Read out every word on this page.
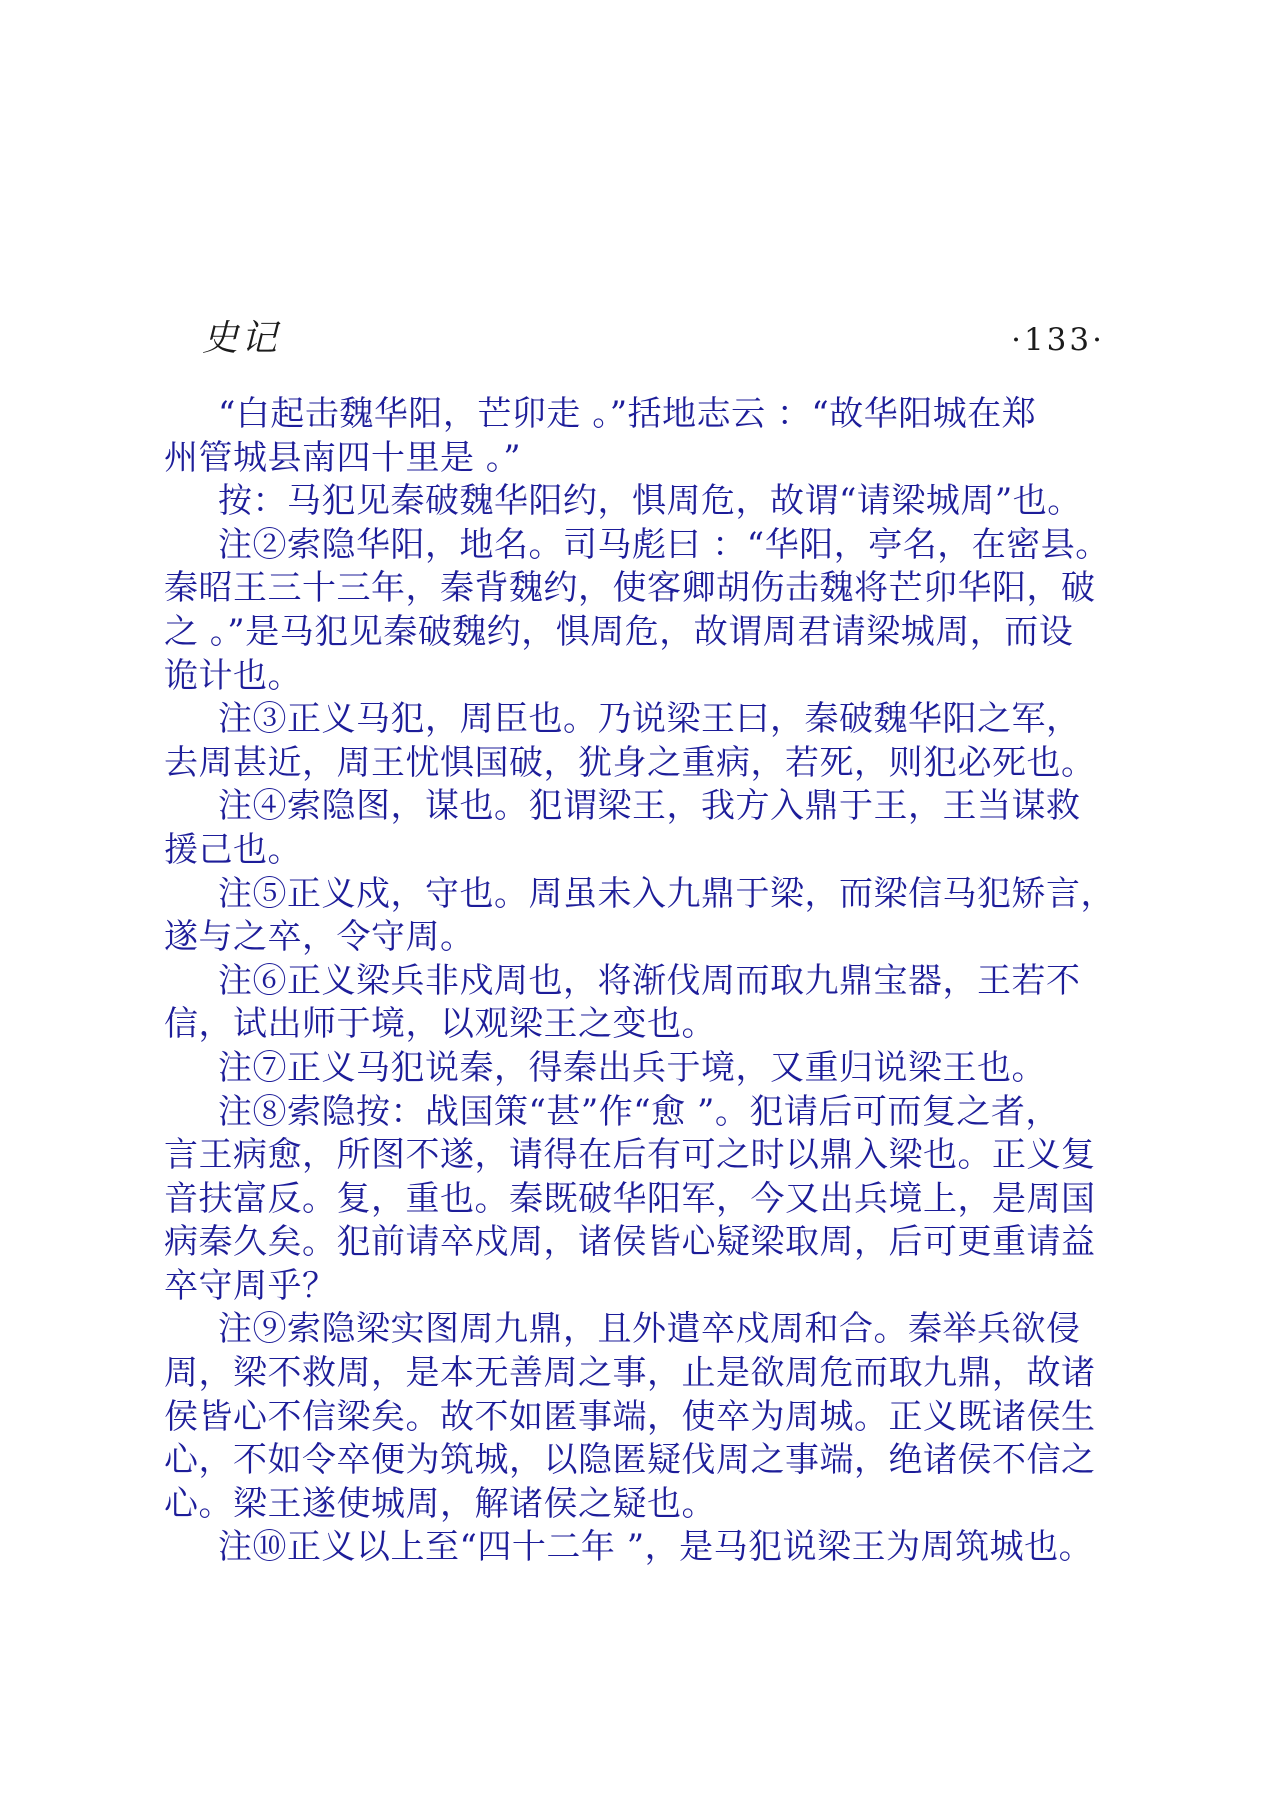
史记	·133·
“白起击魏华阳，芒卯走 。”括地志云 ：“故华阳城在郑
州管城县南四十里是 。”
按：马犯见秦破魏华阳约，惧周危，故谓“请梁城周”也。
注②索隐华阳，地名。司马彪曰 ：“华阳，亭名，在密县。
秦昭王三十三年，秦背魏约，使客卿胡伤击魏将芒卯华阳，破
之 。”是马犯见秦破魏约，惧周危，故谓周君请梁城周，而设
诡计也。
注③正义马犯，周臣也。乃说梁王曰，秦破魏华阳之军，
去周甚近，周王忧惧国破，犹身之重病，若死，则犯必死也。
注④索隐图，谋也。犯谓梁王，我方入鼎于王，王当谋救
援己也。
注⑤正义戍，守也。周虽未入九鼎于梁，而梁信马犯矫言，
遂与之卒，令守周。
注⑥正义梁兵非戍周也，将渐伐周而取九鼎宝器，王若不
信，试出师于境，以观梁王之变也。
注⑦正义马犯说秦，得秦出兵于境，又重归说梁王也。
注⑧索隐按：战国策“甚”作“愈 ”。犯请后可而复之者，
言王病愈，所图不遂，请得在后有可之时以鼎入梁也。正义复
音扶富反。复，重也。秦既破华阳军，今又出兵境上，是周国
病秦久矣。犯前请卒戍周，诸侯皆心疑梁取周，后可更重请益
卒守周乎？
注⑨索隐梁实图周九鼎，且外遣卒戍周和合。秦举兵欲侵
周，梁不救周，是本无善周之事，止是欲周危而取九鼎，故诸
侯皆心不信梁矣。故不如匿事端，使卒为周城。正义既诸侯生
心，不如令卒便为筑城，以隐匿疑伐周之事端，绝诸侯不信之
心。梁王遂使城周，解诸侯之疑也。
注⑩正义以上至“四十二年 ”，是马犯说梁王为周筑城也。
